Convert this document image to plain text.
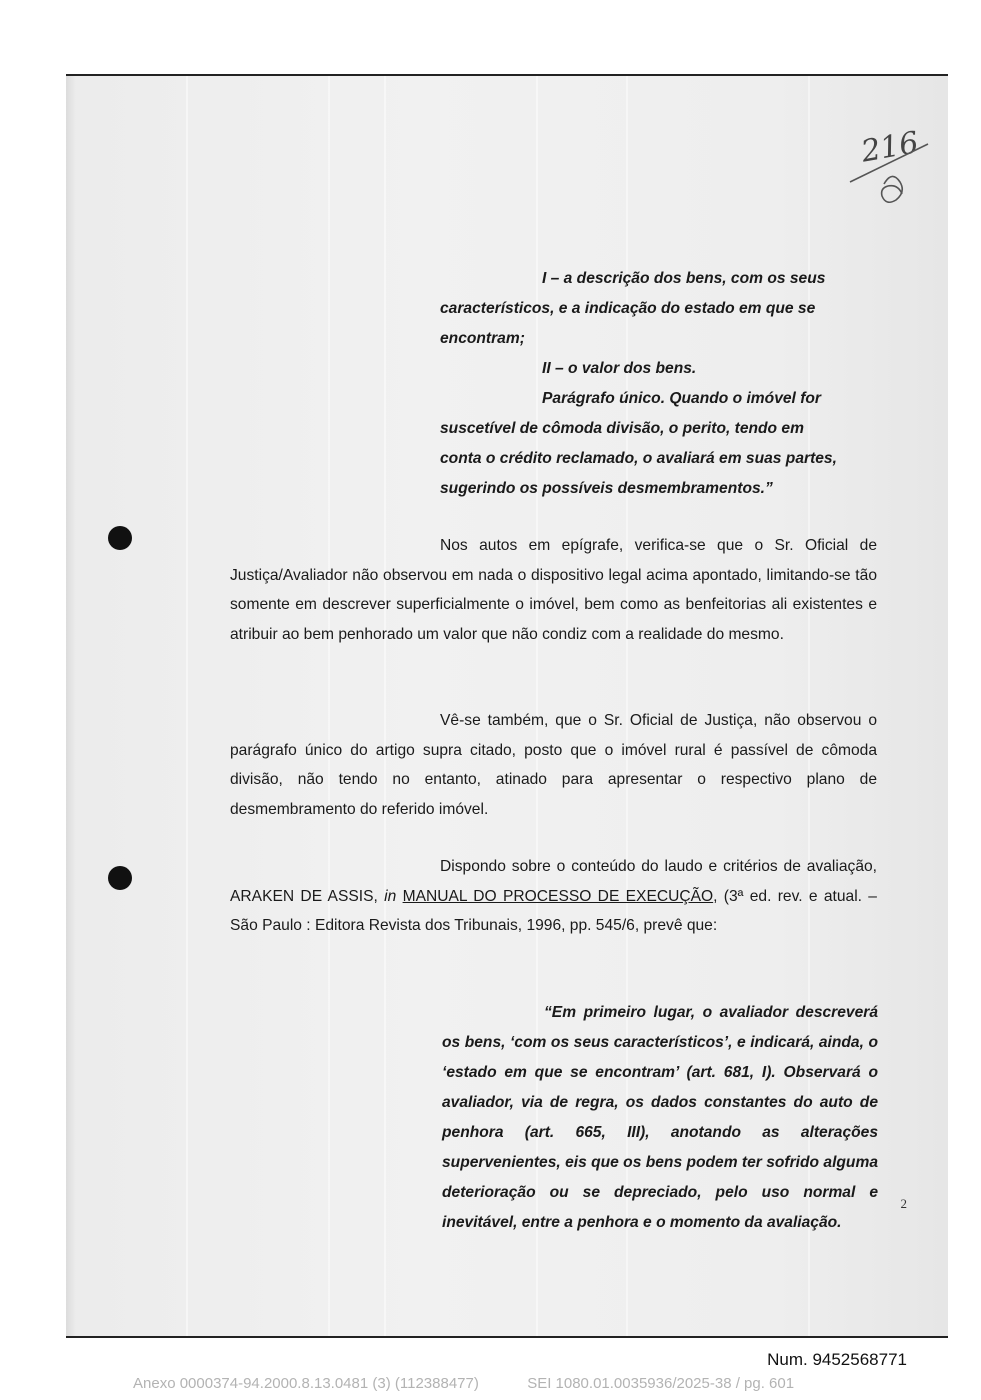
216
I – a descrição dos bens, com os seus
característicos, e a indicação do estado em que se
encontram;
II – o valor dos bens.
Parágrafo único. Quando o imóvel for
suscetível de cômoda divisão, o perito, tendo em
conta o crédito reclamado, o avaliará em suas partes,
sugerindo os possíveis desmembramentos.”

Nos autos em epígrafe, verifica-se que o Sr. Oficial de Justiça/Avaliador não observou em nada o dispositivo legal acima apontado, limitando-se tão somente em descrever superficialmente o imóvel, bem como as benfeitorias ali existentes e atribuir ao bem penhorado um valor que não condiz com a realidade do mesmo.

Vê-se também, que o Sr. Oficial de Justiça, não observou o parágrafo único do artigo supra citado, posto que o imóvel rural é passível de cômoda divisão, não tendo no entanto, atinado para apresentar o respectivo plano de desmembramento do referido imóvel.

Dispondo sobre o conteúdo do laudo e critérios de avaliação, ARAKEN DE ASSIS, in MANUAL DO PROCESSO DE EXECUÇÃO, (3ª ed. rev. e atual. – São Paulo : Editora Revista dos Tribunais, 1996, pp. 545/6, prevê que:

“Em primeiro lugar, o avaliador descreverá os bens, ‘com os seus característicos’, e indicará, ainda, o ‘estado em que se encontram’ (art. 681, I). Observará o avaliador, via de regra, os dados constantes do auto de penhora (art. 665, III), anotando as alterações supervenientes, eis que os bens podem ter sofrido alguma deterioração ou se depreciado, pelo uso normal e inevitável, entre a penhora e o momento da avaliação.

2
Num. 9452568771
Anexo 0000374-94.2000.8.13.0481 (3) (112388477)	SEI 1080.01.0035936/2025-38 / pg. 601
